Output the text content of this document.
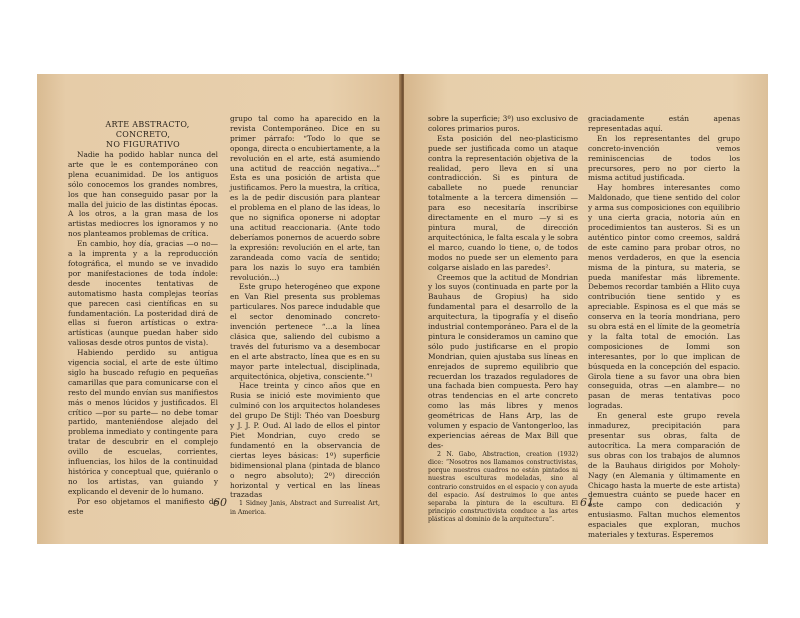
ARTE ABSTRACTO, CONCRETO,
NO FIGURATIVO

Nadie ha podido hablar nunca del arte que le es contemporáneo con plena ecuanimidad. De los antiguos sólo conocemos los grandes nombres, los que han conseguido pasar por la malla del juicio de las distintas épocas. A los otros, a la gran masa de los artistas mediocres los ignoramos y no nos planteamos problemas de crítica.

En cambio, hoy día, gracias —o no— a la imprenta y a la reproducción fotográfica, el mundo se ve invadido por manifestaciones de toda índole: desde inocentes tentativas de automatismo hasta complejas teorías que parecen casi científicas en su fundamentación. La posteridad dirá de ellas si fueron artísticas o extra-artísticas (aunque puedan haber sido valiosas desde otros puntos de vista).

Habiendo perdido su antigua vigencia social, el arte de este último siglo ha buscado refugio en pequeñas camarillas que para comunicarse con el resto del mundo envían sus manifiestos más o menos lúcidos y justificados. El crítico —por su parte— no debe tomar partido, manteniéndose alejado del problema inmediato y contingente para tratar de descubrir en el complejo ovillo de escuelas, corrientes, influencias, los hilos de la continuidad histórica y conceptual que, quiéranlo o no los artistas, van guiando y explicando el devenir de lo humano.

Por eso objetamos el manifiesto de este

grupo tal como ha aparecido en la revista Contemporáneo. Dice en su primer párrafo: “Todo lo que se oponga, directa o encubiertamente, a la revolución en el arte, está asumiendo una actitud de reacción negativa...” Esta es una posición de artista que justificamos. Pero la muestra, la crítica, es la de pedir discusión para plantear el problema en el plano de las ideas, lo que no significa oponerse ni adoptar una actitud reaccionaria. (Ante todo deberíamos ponernos de acuerdo sobre la expresión: revolución en el arte, tan zarandeada como vacía de sentido; para los nazis lo suyo era también revolución...)

Este grupo heterogéneo que expone en Van Riel presenta sus problemas particulares. Nos parece indudable que el sector denominado concreto-invención pertenece “...a la línea clásica que, saliendo del cubismo a través del futurismo va a desembocar en el arte abstracto, línea que es en su mayor parte intelectual, disciplinada, arquitectónica, objetiva, consciente.”¹

Hace treinta y cinco años que en Rusia se inició este movimiento que culminó con los arquitectos holandeses del grupo De Stijl: Théo van Doesburg y J. J. P. Oud. Al lado de ellos el pintor Piet Mondrian, cuyo credo se fundamentó en la observancia de ciertas leyes básicas: 1º) superficie bidimensional plana (pintada de blanco o negro absoluto); 2º) dirección horizontal y vertical en las líneas trazadas

1 Sidney Janis, Abstract and Surrealist Art, in America.

60

sobre la superficie; 3º) uso exclusivo de colores primarios puros.

Esta posición del neo-plasticismo puede ser justificada como un ataque contra la representación objetiva de la realidad, pero lleva en sí una contradicción. Si es pintura de caballete no puede renunciar totalmente a la tercera dimensión —para eso necesitaría inscribirse directamente en el muro —y si es pintura mural, de dirección arquitectónica, le falta escala y le sobra el marco, cuando lo tiene, o, de todos modos no puede ser un elemento para colgarse aislado en las paredes².

Creemos que la actitud de Mondrian y los suyos (continuada en parte por la Bauhaus de Gropius) ha sido fundamental para el desarrollo de la arquitectura, la tipografía y el diseño industrial contemporáneo. Para el de la pintura le consideramos un camino que sólo pudo justificarse en el propio Mondrian, quien ajustaba sus líneas en enrejados de supremo equilibrio que recuerdan los trazados reguladores de una fachada bien compuesta. Pero hay otras tendencias en el arte concreto como las más libres y menos geométricas de Hans Arp, las de volumen y espacio de Vantongerloo, las experiencias aéreas de Max Bill que des-

2 N. Gabo, Abstraction, creation (1932) dice: “Nosotros nos llamamos constructivistas, porque nuestros cuadros no están pintados ni nuestras esculturas modeladas, sino al contrario construidos en el espacio y con ayuda del espacio. Así destruimos lo que antes separaba la pintura de la escultura. El principio constructivista conduce a las artes plásticas al dominio de la arquitectura”.

graciadamente están apenas representadas aquí.

En los representantes del grupo concreto-invención vemos reminiscencias de todos los precursores, pero no por cierto la misma actitud justificada.

Hay hombres interesantes como Maldonado, que tiene sentido del color y arma sus composiciones con equilibrio y una cierta gracia, notoria aún en procedimientos tan austeros. Si es un auténtico pintor como creemos, saldrá de este camino para probar otros, no menos verdaderos, en que la esencia misma de la pintura, su materia, se pueda manifestar más libremente. Debemos recordar también a Hlito cuya contribución tiene sentido y es apreciable. Espinosa es el que más se conserva en la teoría mondriana, pero su obra está en el límite de la geometría y la falta total de emoción. Las composiciones de Iommi son interesantes, por lo que implican de búsqueda en la concepción del espacio. Girola tiene a su favor una obra bien conseguida, otras —en alambre— no pasan de meras tentativas poco logradas.

En general este grupo revela inmadurez, precipitación para presentar sus obras, falta de autocrítica. La mera comparación de sus obras con los trabajos de alumnos de la Bauhaus dirigidos por Moholy-Nagy (en Alemania y últimamente en Chicago hasta la muerte de este artista) demuestra cuánto se puede hacer en este campo con dedicación y entusiasmo. Faltan muchos elementos espaciales que exploran, muchos materiales y texturas. Esperemos

61
